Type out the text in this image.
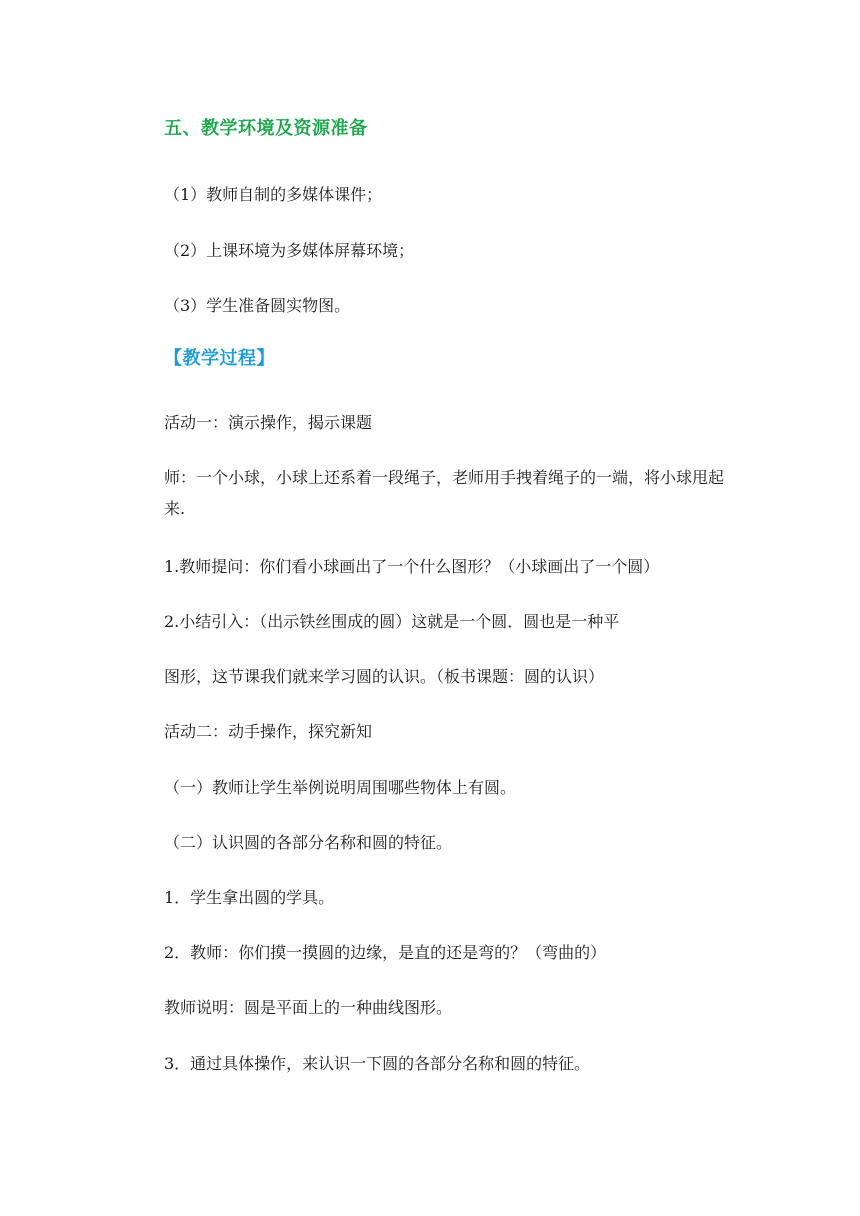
五、教学环境及资源准备
（1）教师自制的多媒体课件；
（2）上课环境为多媒体屏幕环境；
（3）学生准备圆实物图。
【教学过程】
活动一：演示操作，揭示课题
师：一个小球，小球上还系着一段绳子，老师用手拽着绳子的一端，将小球甩起来.
1.教师提问：你们看小球画出了一个什么图形？（小球画出了一个圆）
2.小结引入：（出示铁丝围成的圆）这就是一个圆．圆也是一种平
图形，这节课我们就来学习圆的认识。（板书课题：圆的认识）
活动二：动手操作，探究新知
（一）教师让学生举例说明周围哪些物体上有圆。
（二）认识圆的各部分名称和圆的特征。
1．学生拿出圆的学具。
2．教师：你们摸一摸圆的边缘，是直的还是弯的？（弯曲的）
教师说明：圆是平面上的一种曲线图形。
3．通过具体操作，来认识一下圆的各部分名称和圆的特征。
